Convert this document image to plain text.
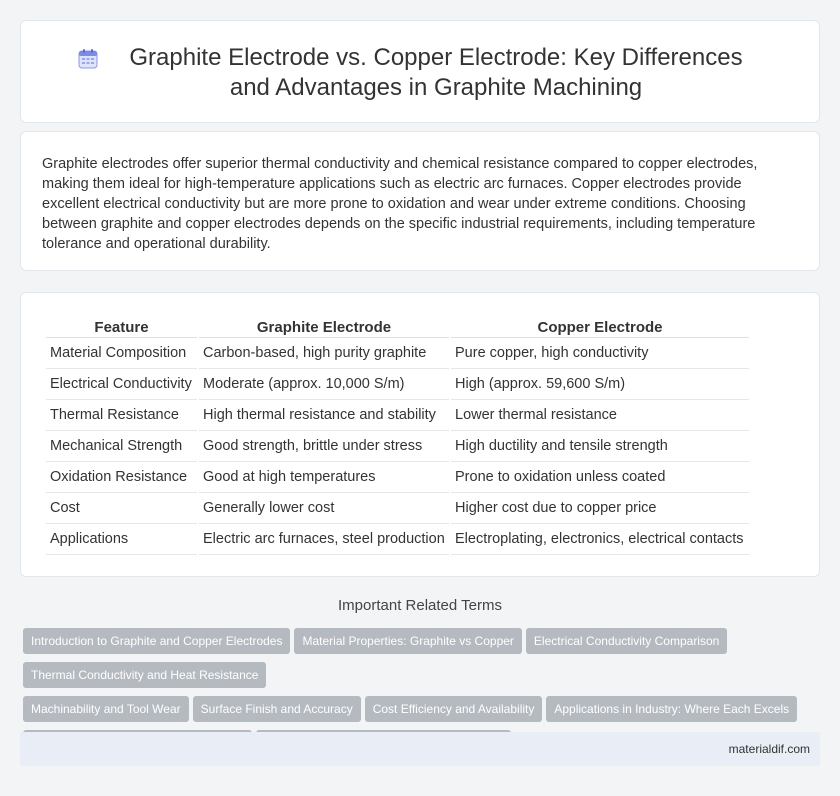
Graphite Electrode vs. Copper Electrode: Key Differences and Advantages in Graphite Machining

Graphite electrodes offer superior thermal conductivity and chemical resistance compared to copper electrodes, making them ideal for high-temperature applications such as electric arc furnaces. Copper electrodes provide excellent electrical conductivity but are more prone to oxidation and wear under extreme conditions. Choosing between graphite and copper electrodes depends on the specific industrial requirements, including temperature tolerance and operational durability.

Feature	Graphite Electrode	Copper Electrode
Material Composition	Carbon-based, high purity graphite	Pure copper, high conductivity
Electrical Conductivity	Moderate (approx. 10,000 S/m)	High (approx. 59,600 S/m)
Thermal Resistance	High thermal resistance and stability	Lower thermal resistance
Mechanical Strength	Good strength, brittle under stress	High ductility and tensile strength
Oxidation Resistance	Good at high temperatures	Prone to oxidation unless coated
Cost	Generally lower cost	Higher cost due to copper price
Applications	Electric arc furnaces, steel production	Electroplating, electronics, electrical contacts
Important Related Terms
Introduction to Graphite and Copper Electrodes Material Properties: Graphite vs Copper Electrical Conductivity ComparisonThermal Conductivity and Heat Resistance
Machinability and Tool Wear Surface Finish and Accuracy Cost Efficiency and Availability Applications in Industry: Where Each Excels

materialdif.com
